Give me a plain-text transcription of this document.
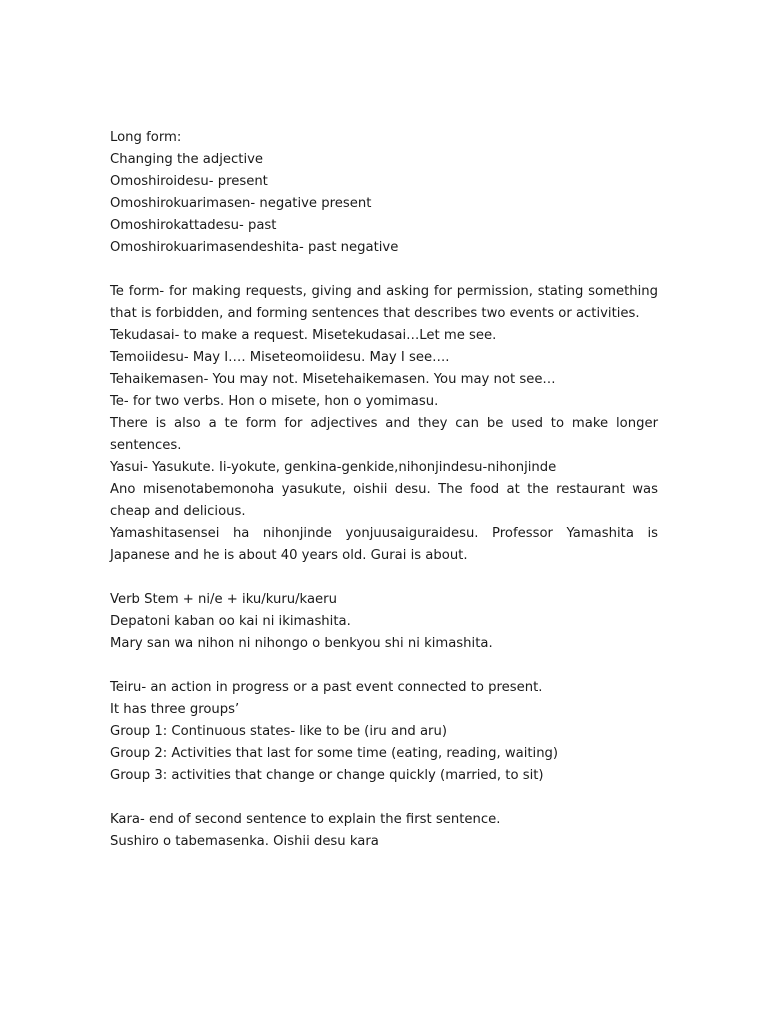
Long form:
Changing the adjective
Omoshiroidesu- present
Omoshirokuarimasen- negative present
Omoshirokattadesu- past
Omoshirokuarimasendeshita- past negative
Te form- for making requests, giving and asking for permission, stating something that is forbidden, and forming sentences that describes two events or activities.
Tekudasai- to make a request. Misetekudasai…Let me see.
Temoiidesu- May I…. Miseteomoiidesu. May I see….
Tehaikemasen- You may not. Misetehaikemasen. You may not see…
Te- for two verbs. Hon o misete, hon o yomimasu.
There is also a te form for adjectives and they can be used to make longer sentences.
Yasui- Yasukute. Ii-yokute, genkina-genkide,nihonjindesu-nihonjinde
Ano misenotabemonoha yasukute, oishii desu. The food at the restaurant was cheap and delicious.
Yamashitasensei ha nihonjinde yonjuusaiguraidesu. Professor Yamashita is Japanese and he is about 40 years old. Gurai is about.
Verb Stem + ni/e + iku/kuru/kaeru
Depatoni kaban oo kai ni ikimashita.
Mary san wa nihon ni nihongo o benkyou shi ni kimashita.
Teiru- an action in progress or a past event connected to present.
It has three groups’
Group 1: Continuous states- like to be (iru and aru)
Group 2: Activities that last for some time (eating, reading, waiting)
Group 3: activities that change or change quickly (married, to sit)
Kara- end of second sentence to explain the first sentence.
Sushiro o tabemasenka. Oishii desu kara
